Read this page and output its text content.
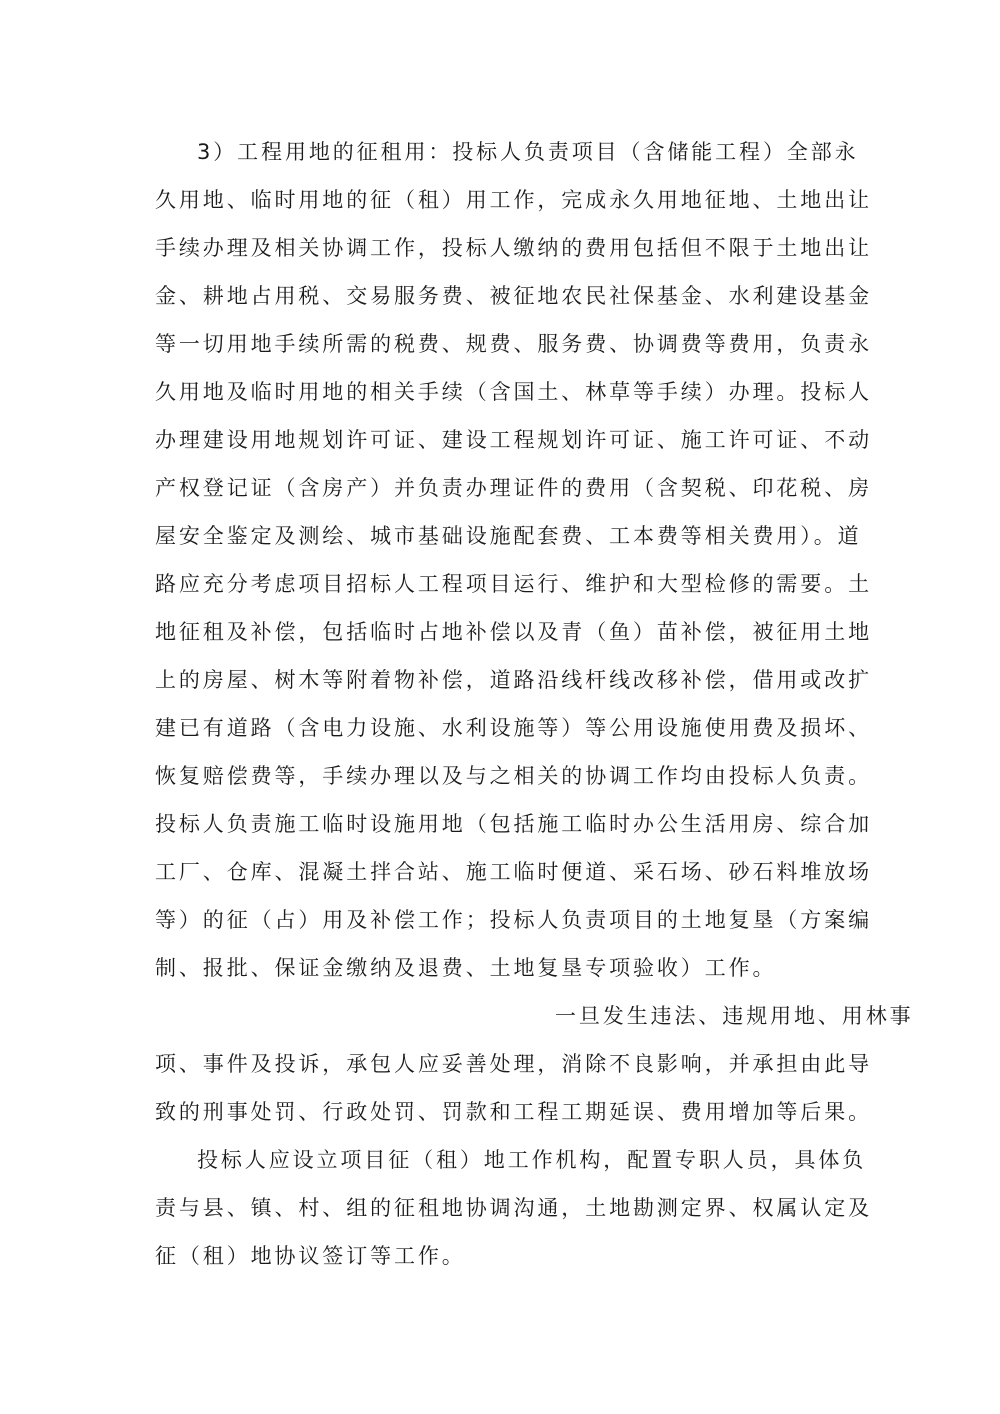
3）工程用地的征租用：投标人负责项目（含储能工程）全部永

久用地、临时用地的征（租）用工作，完成永久用地征地、土地出让

手续办理及相关协调工作，投标人缴纳的费用包括但不限于土地出让

金、耕地占用税、交易服务费、被征地农民社保基金、水利建设基金

等一切用地手续所需的税费、规费、服务费、协调费等费用，负责永

久用地及临时用地的相关手续（含国土、林草等手续）办理。投标人

办理建设用地规划许可证、建设工程规划许可证、施工许可证、不动

产权登记证（含房产）并负责办理证件的费用（含契税、印花税、房

屋安全鉴定及测绘、城市基础设施配套费、工本费等相关费用）。道

路应充分考虑项目招标人工程项目运行、维护和大型检修的需要。土

地征租及补偿，包括临时占地补偿以及青（鱼）苗补偿，被征用土地

上的房屋、树木等附着物补偿，道路沿线杆线改移补偿，借用或改扩

建已有道路（含电力设施、水利设施等）等公用设施使用费及损坏、

恢复赔偿费等，手续办理以及与之相关的协调工作均由投标人负责。

投标人负责施工临时设施用地（包括施工临时办公生活用房、综合加

工厂、仓库、混凝土拌合站、施工临时便道、采石场、砂石料堆放场

等）的征（占）用及补偿工作；投标人负责项目的土地复垦（方案编

制、报批、保证金缴纳及退费、土地复垦专项验收）工作。

一旦发生违法、违规用地、用林事

项、事件及投诉，承包人应妥善处理，消除不良影响，并承担由此导

致的刑事处罚、行政处罚、罚款和工程工期延误、费用增加等后果。

投标人应设立项目征（租）地工作机构，配置专职人员，具体负

责与县、镇、村、组的征租地协调沟通，土地勘测定界、权属认定及

征（租）地协议签订等工作。
